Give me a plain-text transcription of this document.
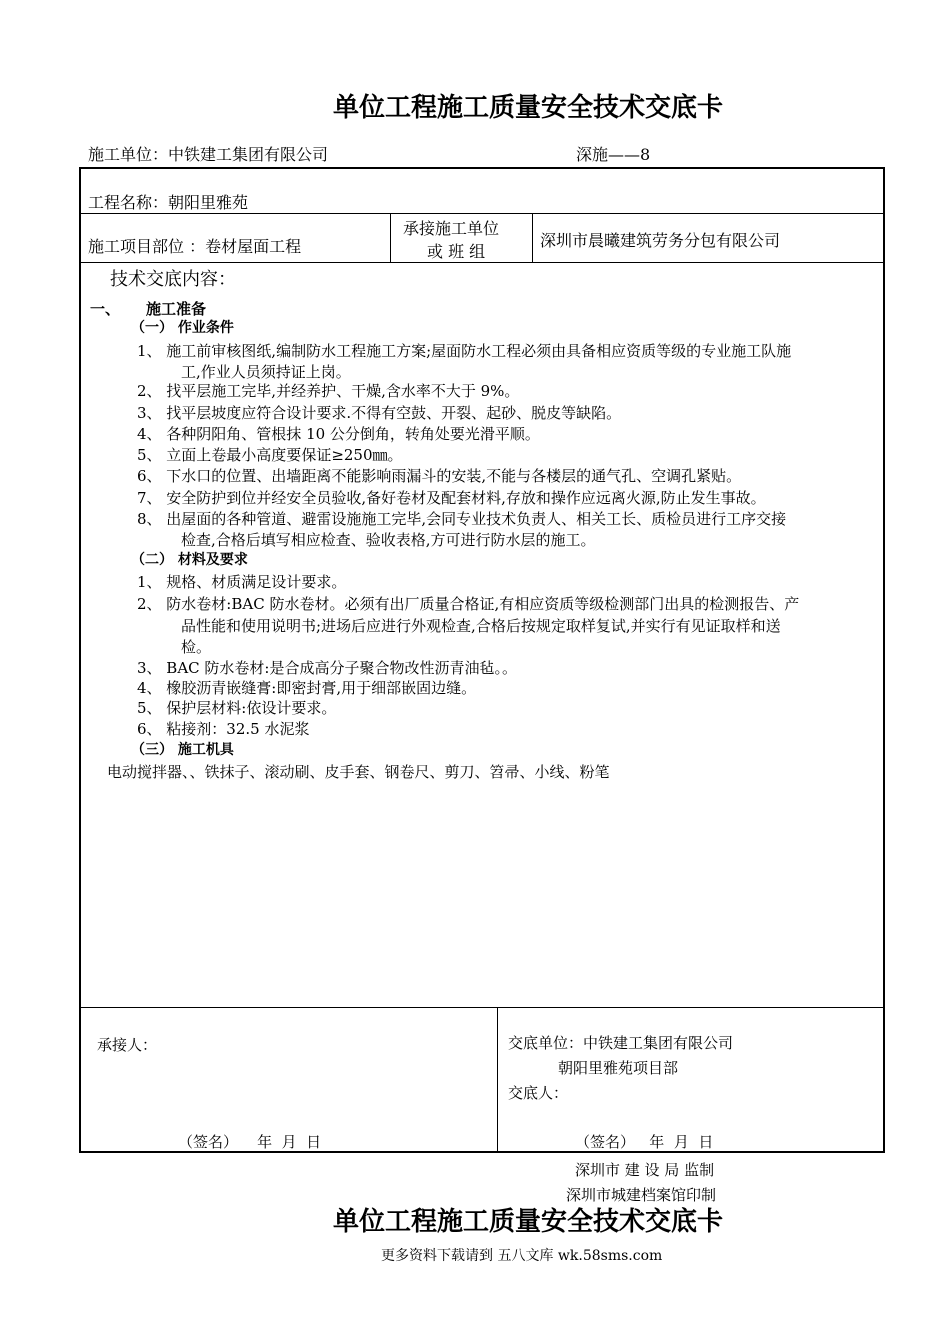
单位工程施工质量安全技术交底卡
施工单位：中铁建工集团有限公司	深施——8
工程名称：朝阳里雅苑
施工项目部位 ：卷材屋面工程
承接施工单位
或 班 组
深圳市晨曦建筑劳务分包有限公司
技术交底内容：
一、 施工准备
（一） 作业条件
1、 施工前审核图纸,编制防水工程施工方案;屋面防水工程必须由具备相应资质等级的专业施工队施
工,作业人员须持证上岗。
2、 找平层施工完毕,并经养护、干燥,含水率不大于 9%。
3、 找平层坡度应符合设计要求.不得有空鼓、开裂、起砂、脱皮等缺陷。
4、 各种阴阳角、管根抹 10 公分倒角，转角处要光滑平顺。
5、 立面上卷最小高度要保证≥250㎜。
6、 下水口的位置、出墙距离不能影响雨漏斗的安装,不能与各楼层的通气孔、空调孔紧贴。
7、 安全防护到位并经安全员验收,备好卷材及配套材料,存放和操作应远离火源,防止发生事故。
8、 出屋面的各种管道、避雷设施施工完毕,会同专业技术负责人、相关工长、质检员进行工序交接
检查,合格后填写相应检查、验收表格,方可进行防水层的施工。
（二） 材料及要求
1、 规格、材质满足设计要求。
2、 防水卷材:BAC 防水卷材。必须有出厂质量合格证,有相应资质等级检测部门出具的检测报告、产
品性能和使用说明书;进场后应进行外观检查,合格后按规定取样复试,并实行有见证取样和送
检。
3、 BAC 防水卷材:是合成高分子聚合物改性沥青油毡。。
4、 橡胶沥青嵌缝膏:即密封膏,用于细部嵌固边缝。
5、 保护层材料:依设计要求。
6、 粘接剂：32.5 水泥浆
（三） 施工机具
电动搅拌器、、铁抹子、滚动刷、皮手套、钢卷尺、剪刀、笤帚、小线、粉笔
承接人：
（签名）    年  月  日
交底单位：中铁建工集团有限公司
朝阳里雅苑项目部
交底人：
（签名）   年  月  日
深圳市 建 设 局 监制
深圳市城建档案馆印制
单位工程施工质量安全技术交底卡
更多资料下载请到 五八文库 wk.58sms.com
